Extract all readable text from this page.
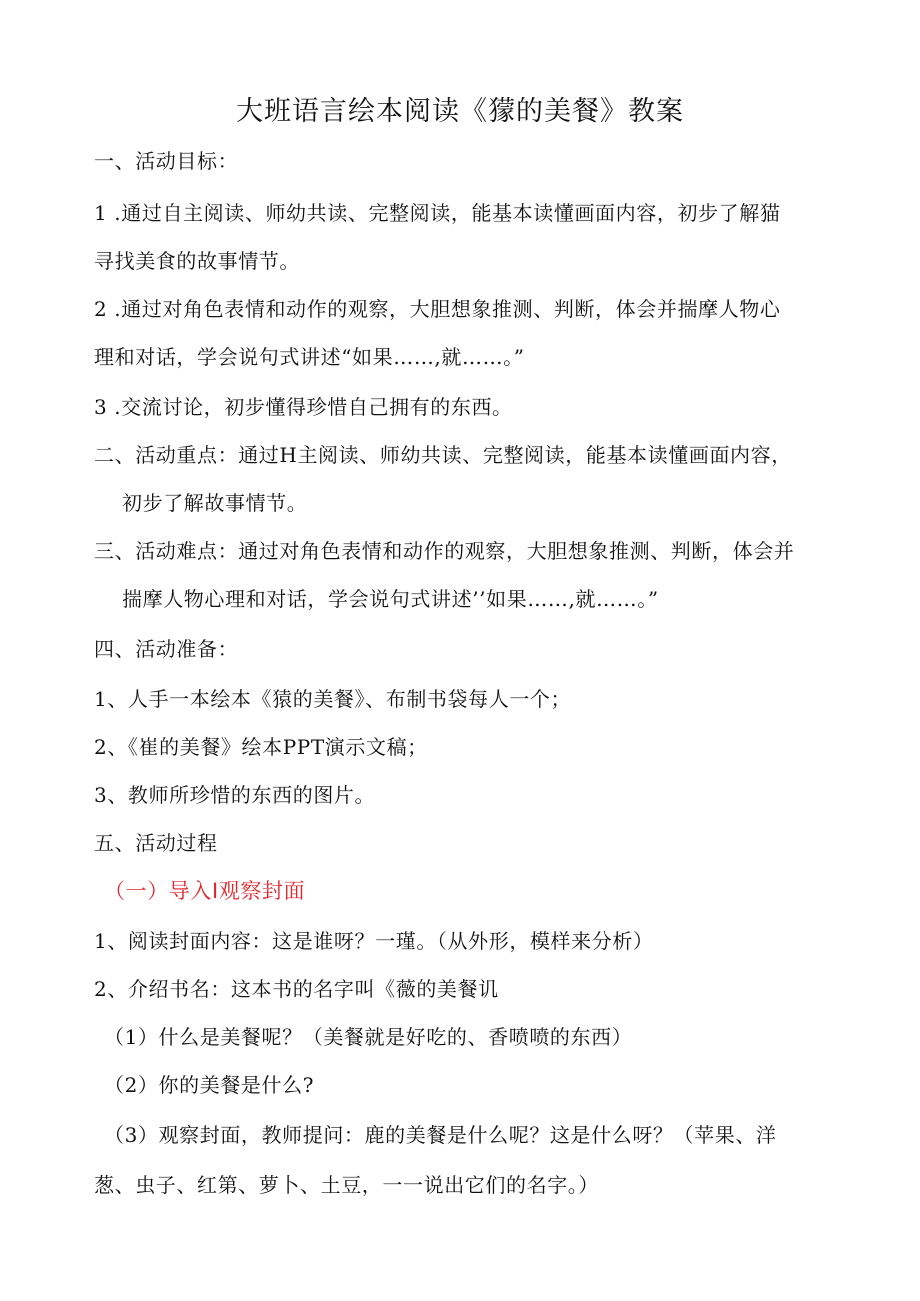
大班语言绘本阅读《獴的美餐》教案
一、活动目标：
1 .通过自主阅读、师幼共读、完整阅读，能基本读懂画面内容，初步了解猫
寻找美食的故事情节。
2 .通过对角色表情和动作的观察，大胆想象推测、判断，体会并揣摩人物心
理和对话，学会说句式讲述“如果……,就……。”
3 .交流讨论，初步懂得珍惜自己拥有的东西。
二、活动重点：通过H主阅读、师幼共读、完整阅读，能基本读懂画面内容，
初步了解故事情节。
三、活动难点：通过对角色表情和动作的观察，大胆想象推测、判断，体会并
揣摩人物心理和对话，学会说句式讲述’’如果……,就……。”
四、活动准备：
1、人手一本绘本《猿的美餐》、布制书袋每人一个；
2、《崔的美餐》绘本PPT演示文稿；
3、教师所珍惜的东西的图片。
五、活动过程
（一）导入I观察封面
1、阅读封面内容：这是谁呀？一瑾。（从外形，模样来分析）
2、介绍书名：这本书的名字叫《薇的美餐讥
（1）什么是美餐呢？（美餐就是好吃的、香喷喷的东西）
（2）你的美餐是什么?
（3）观察封面，教师提问：鹿的美餐是什么呢？这是什么呀？（苹果、洋
葱、虫子、红第、萝卜、土豆，一一说出它们的名字。）
